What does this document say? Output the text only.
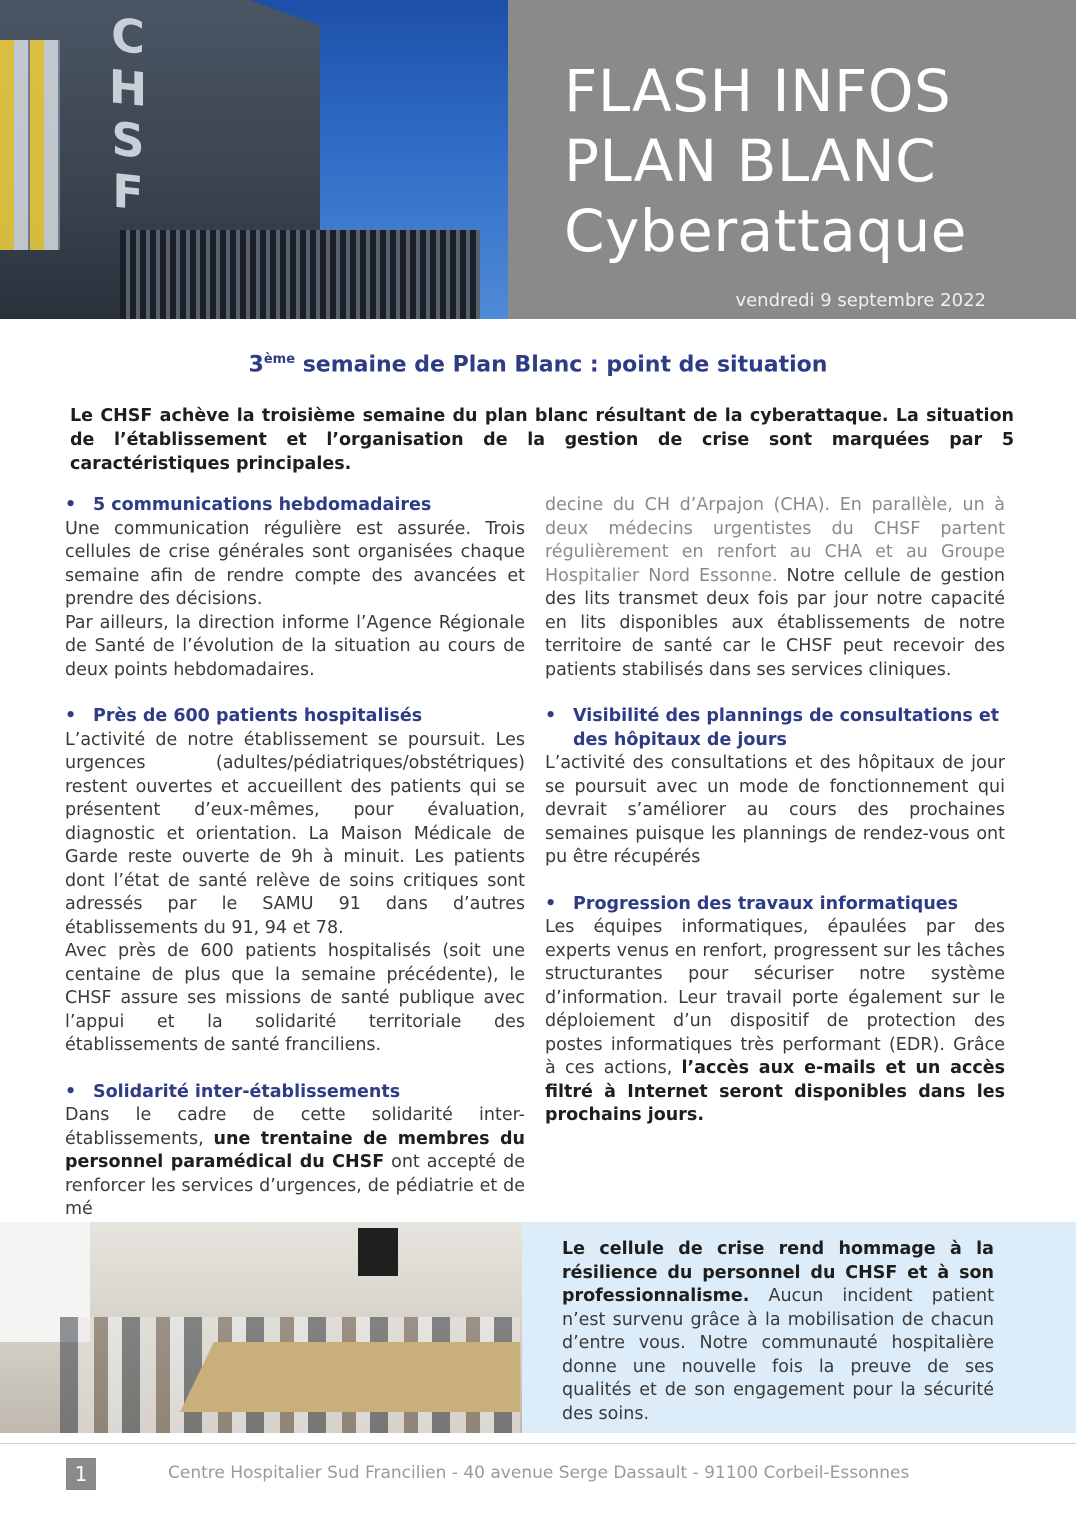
C
H
S
F
FLASH INFOS
PLAN BLANC
Cyberattaque
vendredi 9 septembre 2022
3ème semaine de Plan Blanc : point de situation
Le CHSF achève la troisième semaine du plan blanc résultant de la cyberattaque. La situation de l’établissement et l’organisation de la gestion de crise sont marquées par 5 caractéristiques principales.
• 5 communications hebdomadaires
Une communication régulière est assurée. Trois cellules de crise générales sont organisées chaque semaine afin de rendre compte des avancées et prendre des décisions.
Par ailleurs, la direction informe l’Agence Régionale de Santé de l’évolution de la situation au cours de deux points hebdomadaires.
• Près de 600 patients hospitalisés
L’activité de notre établissement se poursuit. Les urgences (adultes/pédiatriques/obstétriques) restent ouvertes et accueillent des patients qui se présentent d’eux-mêmes, pour évaluation, diagnostic et orientation. La Maison Médicale de Garde reste ouverte de 9h à minuit. Les patients dont l’état de santé relève de soins critiques sont adressés par le SAMU 91 dans d’autres établissements du 91, 94 et 78.
Avec près de 600 patients hospitalisés (soit une centaine de plus que la semaine précédente), le CHSF assure ses missions de santé publique avec l’appui et la solidarité territoriale des établissements de santé franciliens.
• Solidarité inter-établissements
Dans le cadre de cette solidarité inter-établissements, une trentaine de membres du personnel paramédical du CHSF ont accepté de renforcer les services d’urgences, de pédiatrie et de mé
decine du CH d’Arpajon (CHA). En parallèle, un à deux médecins urgentistes du CHSF partent régulièrement en renfort au CHA et au Groupe Hospitalier Nord Essonne. Notre cellule de gestion des lits transmet deux fois par jour notre capacité en lits disponibles aux établissements de notre territoire de santé car le CHSF peut recevoir des patients stabilisés dans ses services cliniques.
• Visibilité des plannings de consultations et des hôpitaux de jours
L’activité des consultations et des hôpitaux de jour se poursuit avec un mode de fonctionnement qui devrait s’améliorer au cours des prochaines semaines puisque les plannings de rendez-vous ont pu être récupérés
• Progression des travaux informatiques
Les équipes informatiques, épaulées par des experts venus en renfort, progressent sur les tâches structurantes pour sécuriser notre système d’information. Leur travail porte également sur le déploiement d’un dispositif de protection des postes informatiques très performant (EDR). Grâce à ces actions, l’accès aux e-mails et un accès filtré à Internet seront disponibles dans les prochains jours.
Le cellule de crise rend hommage à la résilience du personnel du CHSF et à son professionnalisme. Aucun incident patient n’est survenu grâce à la mobilisation de chacun d’entre vous. Notre communauté hospitalière donne une nouvelle fois la preuve de ses qualités et de son engagement pour la sécurité des soins.
1	Centre Hospitalier Sud Francilien - 40 avenue Serge Dassault - 91100 Corbeil-Essonnes
